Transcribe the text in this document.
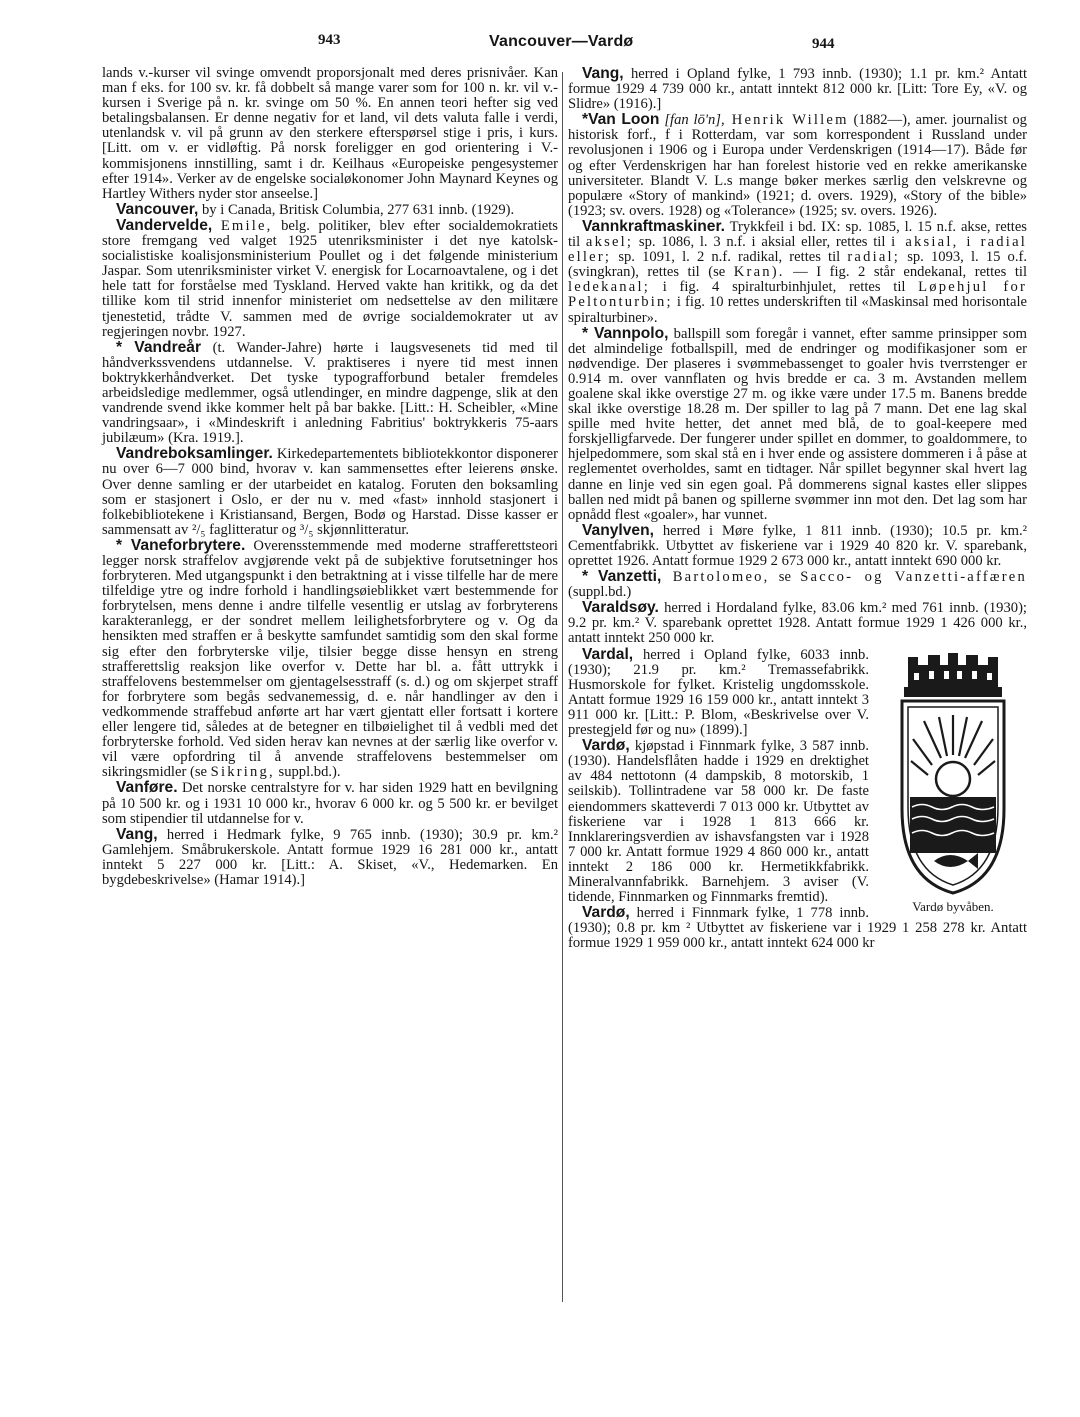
943	Vancouver—Vardø	944

lands v.-kurser vil svinge omvendt proporsjonalt med deres prisnivåer. Kan man f eks. for 100 sv. kr. få dobbelt så mange varer som for 100 n. kr. vil v.-kursen i Sverige på n. kr. svinge om 50 %. En annen teori hefter sig ved betalingsbalansen. Er denne negativ for et land, vil dets valuta falle i verdi, utenlandsk v. vil på grunn av den sterkere efterspørsel stige i pris, i kurs. [Litt. om v. er vidløftig. På norsk foreligger en god orientering i V.-kommisjonens innstilling, samt i dr. Keilhaus «Europeiske pengesystemer efter 1914». Verker av de engelske socialøkonomer John Maynard Keynes og Hartley Withers nyder stor anseelse.]

Vancouver, by i Canada, Britisk Columbia, 277 631 innb. (1929).

Vandervelde, Emile, belg. politiker, blev efter socialdemokratiets store fremgang ved valget 1925 utenriksminister i det nye katolsk-socialistiske koalisjonsministerium Poullet og i det følgende ministerium Jaspar. Som utenriksminister virket V. energisk for Locarnoavtalene, og i det hele tatt for forståelse med Tyskland. Herved vakte han kritikk, og da det tillike kom til strid innenfor ministeriet om nedsettelse av den militære tjenestetid, trådte V. sammen med de øvrige socialdemokrater ut av regjeringen novbr. 1927.

* Vandreår (t. Wander-Jahre) hørte i laugsvesenets tid med til håndverkssvendens utdannelse. V. praktiseres i nyere tid mest innen boktrykkerhåndverket. Det tyske typografforbund betaler fremdeles arbeidsledige medlemmer, også utlendinger, en mindre dagpenge, slik at den vandrende svend ikke kommer helt på bar bakke. [Litt.: H. Scheibler, «Mine vandringsaar», i «Mindeskrift i anledning Fabritius' boktrykkeris 75-aars jubilæum» (Kra. 1919.].

Vandreboksamlinger. Kirkedepartementets bibliotekkontor disponerer nu over 6—7 000 bind, hvorav v. kan sammensettes efter leierens ønske. Over denne samling er der utarbeidet en katalog. Foruten den boksamling som er stasjonert i Oslo, er der nu v. med «fast» innhold stasjonert i folkebibliotekene i Kristiansand, Bergen, Bodø og Harstad. Disse kasser er sammensatt av ²/₅ faglitteratur og ³/₅ skjønnlitteratur.

* Vaneforbrytere. Overensstemmende med moderne strafferettsteori legger norsk straffelov avgjørende vekt på de subjektive forutsetninger hos forbryteren. Med utgangspunkt i den betraktning at i visse tilfelle har de mere tilfeldige ytre og indre forhold i handlingsøieblikket vært bestemmende for forbrytelsen, mens denne i andre tilfelle vesentlig er utslag av forbryterens karakteranlegg, er der sondret mellem leilighetsforbrytere og v. Og da hensikten med straffen er å beskytte samfundet samtidig som den skal forme sig efter den forbryterske vilje, tilsier begge disse hensyn en streng strafferettslig reaksjon like overfor v. Dette har bl. a. fått uttrykk i straffelovens bestemmelser om gjentagelsesstraff (s. d.) og om skjerpet straff for forbrytere som begås sedvanemessig, d. e. når handlinger av den i vedkommende straffebud anførte art har vært gjentatt eller fortsatt i kortere eller lengere tid, således at de betegner en tilbøielighet til å vedbli med det forbryterske forhold. Ved siden herav kan nevnes at der særlig like overfor v. vil være opfordring til å anvende straffelovens bestemmelser om sikringsmidler (se Sikring, suppl.bd.).

Vanføre. Det norske centralstyre for v. har siden 1929 hatt en bevilgning på 10 500 kr. og i 1931 10 000 kr., hvorav 6 000 kr. og 5 500 kr. er bevilget som stipendier til utdannelse for v.

Vang, herred i Hedmark fylke, 9 765 innb. (1930); 30.9 pr. km.² Gamlehjem. Småbrukerskole. Antatt formue 1929 16 281 000 kr., antatt inntekt 5 227 000 kr. [Litt.: A. Skiset, «V., Hedemarken. En bygdebeskrivelse» (Hamar 1914).]

Vang, herred i Opland fylke, 1 793 innb. (1930); 1.1 pr. km.² Antatt formue 1929 4 739 000 kr., antatt inntekt 812 000 kr. [Litt: Tore Ey, «V. og Slidre» (1916).]

*Van Loon [fan lō'n], Henrik Willem (1882—), amer. journalist og historisk forf., f i Rotterdam, var som korrespondent i Russland under revolusjonen i 1906 og i Europa under Verdenskrigen (1914—17). Både før og efter Verdenskrigen har han forelest historie ved en rekke amerikanske universiteter. Blandt V. L.s mange bøker merkes særlig den velskrevne og populære «Story of mankind» (1921; d. overs. 1929), «Story of the bible» (1923; sv. overs. 1928) og «Tolerance» (1925; sv. overs. 1926).

Vannkraftmaskiner. Trykkfeil i bd. IX: sp. 1085, l. 15 n.f. akse, rettes til aksel; sp. 1086, l. 3 n.f. i aksial eller, rettes til i aksial, i radial eller; sp. 1091, l. 2 n.f. radikal, rettes til radial; sp. 1093, l. 15 o.f. (svingkran), rettes til (se Kran). — I fig. 2 står endekanal, rettes til ledekanal; i fig. 4 spiralturbinhjulet, rettes til Løpehjul for Peltonturbin; i fig. 10 rettes underskriften til «Maskinsal med horisontale spiralturbiner».

* Vannpolo, ballspill som foregår i vannet, efter samme prinsipper som det almindelige fotballspill, med de endringer og modifikasjoner som er nødvendige. Der plaseres i svømmebassenget to goaler hvis tverrstenger er 0.914 m. over vannflaten og hvis bredde er ca. 3 m. Avstanden mellem goalene skal ikke overstige 27 m. og ikke være under 17.5 m. Banens bredde skal ikke overstige 18.28 m. Der spiller to lag på 7 mann. Det ene lag skal spille med hvite hetter, det annet med blå, de to goal-keepere med forskjelligfarvede. Der fungerer under spillet en dommer, to goaldommere, to hjelpedommere, som skal stå en i hver ende og assistere dommeren i å påse at reglementet overholdes, samt en tidtager. Når spillet begynner skal hvert lag danne en linje ved sin egen goal. På dommerens signal kastes eller slippes ballen ned midt på banen og spillerne svømmer inn mot den. Det lag som har opnådd flest «goaler», har vunnet.

Vanylven, herred i Møre fylke, 1 811 innb. (1930); 10.5 pr. km.² Cementfabrikk. Utbyttet av fiskeriene var i 1929 40 820 kr. V. sparebank, oprettet 1926. Antatt formue 1929 2 673 000 kr., antatt inntekt 690 000 kr.

* Vanzetti, Bartolomeo, se Sacco- og Vanzetti-affæren (suppl.bd.)

Varaldsøy. herred i Hordaland fylke, 83.06 km.² med 761 innb. (1930); 9.2 pr. km.² V. sparebank oprettet 1928. Antatt formue 1929 1 426 000 kr., antatt inntekt 250 000 kr.

Vardø byvåben.

Vardal, herred i Opland fylke, 6033 innb. (1930); 21.9 pr. km.² Tremassefabrikk. Husmorskole for fylket. Kristelig ungdomsskole. Antatt formue 1929 16 159 000 kr., antatt inntekt 3 911 000 kr. [Litt.: P. Blom, «Beskrivelse over V. prestegjeld før og nu» (1899).]

Vardø, kjøpstad i Finnmark fylke, 3 587 innb. (1930). Handelsflåten hadde i 1929 en drektighet av 484 nettotonn (4 dampskib, 8 motorskib, 1 seilskib). Tollintradene var 58 000 kr. De faste eiendommers skatteverdi 7 013 000 kr. Utbyttet av fiskeriene var i 1928 1 813 666 kr. Innklareringsverdien av ishavsfangsten var i 1928 7 000 kr. Antatt formue 1929 4 860 000 kr., antatt inntekt 2 186 000 kr. Hermetikkfabrikk. Mineralvannfabrikk. Barnehjem. 3 aviser (V. tidende, Finnmarken og Finnmarks fremtid).

Vardø, herred i Finnmark fylke, 1 778 innb. (1930); 0.8 pr. km ² Utbyttet av fiskeriene var i 1929 1 258 278 kr. Antatt formue 1929 1 959 000 kr., antatt inntekt 624 000 kr
